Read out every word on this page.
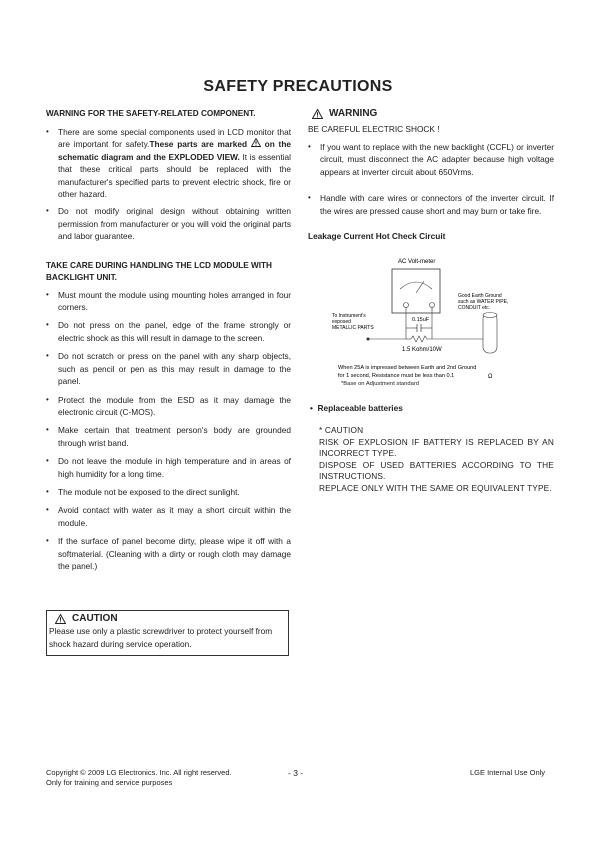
SAFETY PRECAUTIONS
WARNING FOR THE SAFETY-RELATED COMPONENT.
• There are some special components used in LCD monitor that are important for safety.These parts are marked on the schematic diagram and the EXPLODED VIEW. It is essential that these critical parts should be replaced with the manufacturer's specified parts to prevent electric shock, fire or other hazard.
• Do not modify original design without obtaining written permission from manufacturer or you will void the original parts and labor guarantee.
TAKE CARE DURING HANDLING THE LCD MODULE WITH BACKLIGHT UNIT.
• Must mount the module using mounting holes arranged in four corners.
• Do not press on the panel, edge of the frame strongly or electric shock as this will result in damage to the screen.
• Do not scratch or press on the panel with any sharp objects, such as pencil or pen as this may result in damage to the panel.
• Protect the module from the ESD as it may damage the electronic circuit (C-MOS).
• Make certain that treatment person's body are grounded through wrist band.
• Do not leave the module in high temperature and in areas of high humidity for a long time.
• The module not be exposed to the direct sunlight.
• Avoid contact with water as it may a short circuit within the module.
• If the surface of panel become dirty, please wipe it off with a softmaterial. (Cleaning with a dirty or rough cloth may damage the panel.)
CAUTION
Please use only a plastic screwdriver to protect yourself from shock hazard during service operation.
WARNING
BE CAREFUL ELECTRIC SHOCK !
• If you want to replace with the new backlight (CCFL) or inverter circuit, must disconnect the AC adapter because high voltage appears at inverter circuit about 650Vrms.
• Handle with care wires or connectors of the inverter circuit. If the wires are pressed cause short and may burn or take fire.
Leakage Current Hot Check Circuit
AC Volt-meter
0.15uF
1.5 Kohm/10W
To Instrument's
exposed
METALLIC PARTS
Good Earth Ground
such as WATER PIPE,
CONDUIT etc.
When 25A is impressed between Earth and 2nd Ground
for 1 second, Resistance must be less than 0.1	Ω
*Base on Adjustment standard
•  Replaceable batteries
* CAUTION
RISK OF EXPLOSION IF BATTERY IS REPLACED BY AN INCORRECT TYPE.
DISPOSE OF USED BATTERIES ACCORDING TO THE INSTRUCTIONS.
REPLACE ONLY WITH THE SAME OR EQUIVALENT TYPE.
Copyright © 2009 LG Electronics. Inc. All right reserved.
Only for training and service purposes
- 3 -	LGE Internal Use Only
